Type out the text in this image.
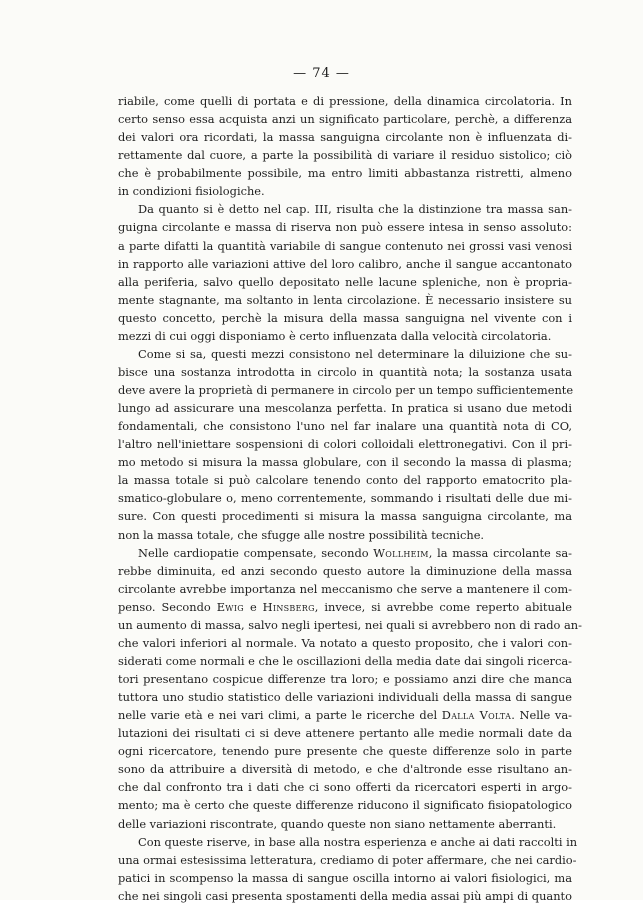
— 74 —
riabile, come quelli di portata e di pressione, della dinamica circolatoria. In
certo senso essa acquista anzi un significato particolare, perchè, a differenza
dei valori ora ricordati, la massa sanguigna circolante non è influenzata di-
rettamente dal cuore, a parte la possibilità di variare il residuo sistolico; ciò
che è probabilmente possibile, ma entro limiti abbastanza ristretti, almeno
in condizioni fisiologiche.
Da quanto si è detto nel cap. III, risulta che la distinzione tra massa san-
guigna circolante e massa di riserva non può essere intesa in senso assoluto:
a parte difatti la quantità variabile di sangue contenuto nei grossi vasi venosi
in rapporto alle variazioni attive del loro calibro, anche il sangue accantonato
alla periferia, salvo quello depositato nelle lacune spleniche, non è propria-
mente stagnante, ma soltanto in lenta circolazione. È necessario insistere su
questo concetto, perchè la misura della massa sanguigna nel vivente con i
mezzi di cui oggi disponiamo è certo influenzata dalla velocità circolatoria.
Come si sa, questi mezzi consistono nel determinare la diluizione che su-
bisce una sostanza introdotta in circolo in quantità nota; la sostanza usata
deve avere la proprietà di permanere in circolo per un tempo sufficientemente
lungo ad assicurare una mescolanza perfetta. In pratica si usano due metodi
fondamentali, che consistono l'uno nel far inalare una quantità nota di CO,
l'altro nell'iniettare sospensioni di colori colloidali elettronegativi. Con il pri-
mo metodo si misura la massa globulare, con il secondo la massa di plasma;
la massa totale si può calcolare tenendo conto del rapporto ematocrito pla-
smatico-globulare o, meno correntemente, sommando i risultati delle due mi-
sure. Con questi procedimenti si misura la massa sanguigna circolante, ma
non la massa totale, che sfugge alle nostre possibilità tecniche.
Nelle cardiopatie compensate, secondo Wollheim, la massa circolante sa-
rebbe diminuita, ed anzi secondo questo autore la diminuzione della massa
circolante avrebbe importanza nel meccanismo che serve a mantenere il com-
penso. Secondo Ewig e Hinsberg, invece, si avrebbe come reperto abituale
un aumento di massa, salvo negli ipertesi, nei quali si avrebbero non di rado an-
che valori inferiori al normale. Va notato a questo proposito, che i valori con-
siderati come normali e che le oscillazioni della media date dai singoli ricerca-
tori presentano cospicue differenze tra loro; e possiamo anzi dire che manca
tuttora uno studio statistico delle variazioni individuali della massa di sangue
nelle varie età e nei vari climi, a parte le ricerche del Dalla Volta. Nelle va-
lutazioni dei risultati ci si deve attenere pertanto alle medie normali date da
ogni ricercatore, tenendo pure presente che queste differenze solo in parte
sono da attribuire a diversità di metodo, e che d'altronde esse risultano an-
che dal confronto tra i dati che ci sono offerti da ricercatori esperti in argo-
mento; ma è certo che queste differenze riducono il significato fisiopatologico
delle variazioni riscontrate, quando queste non siano nettamente aberranti.
Con queste riserve, in base alla nostra esperienza e anche ai dati raccolti in
una ormai estesissima letteratura, crediamo di poter affermare, che nei cardio-
patici in scompenso la massa di sangue oscilla intorno ai valori fisiologici, ma
che nei singoli casi presenta spostamenti della media assai più ampi di quanto
